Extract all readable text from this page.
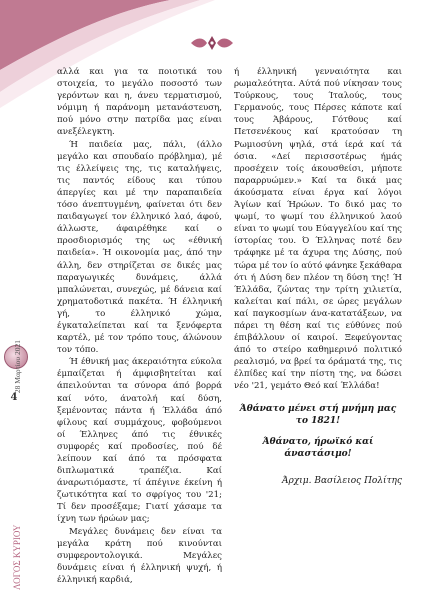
4
ΛΟΓΟΣ ΚΥΡΙΟΥ
28 Μαρτίου 2021

αλλά και για τα ποιοτικά του στοιχεία, το μεγάλο ποσοστό των γερόντων και η, άνευ τερματισμού, νόμιμη ή παράνομη μετανάστευση, πού μόνο στην πατρίδα μας είναι ανεξέλεγκτη.

Ή παιδεία μας, πάλι, (άλλο μεγάλο και σπουδαίο πρόβλημα), μέ τις έλλείψεις της, τις καταλήψεις, τις παντός είδους και τύπου άπεργίες και μέ την παραπαιδεία τόσο άνεπτυγμένη, φαίνεται ότι δεν παιδαγωγεί τον έλληνικό λαό, άφού, άλλωστε, άφαιρέθηκε καί ο προσδιορισμός της ως «έθνική παιδεία». Ή οικονομία μας, άπό την άλλη, δεν στηρίζεται σε δικές μας παραγωγικές δυνάμεις, άλλά μπαλώνεται, συνεχώς, μέ δάνεια καί χρηματοδοτικά πακέτα. Ή έλληνική γή, το έλληνικό χώμα, έγκαταλείπεται καί τα ξενόφερτα καρτέλ, μέ τον τρόπο τους, άλώνουν τον τόπο.

Ή έθνική μας άκεραιότητα εύκολα έμπαίζεται ή άμφισβητείται καί άπειλούνται τα σύνορα άπό βορρά καί νότο, άνατολή καί δύση, ξεμένοντας πάντα ή Έλλάδα άπό φίλους καί συμμάχους, φοβούμενοι οί Έλληνες άπό τις έθνικές συμφορές καί προδοσίες, πού δέ λείπουν καί άπό τα πρόσφατα διπλωματικά τραπέζια. Καί άναρωτιόμαστε, τί άπέγινε έκείνη ή ζωτικότητα καί το σφρίγος του '21; Τί δεν προσέξαμε; Γιατί χάσαμε τα ίχνη των ήρώων μας;

Μεγάλες δυνάμεις δεν είναι τα μεγάλα κράτη πού κινούνται συμφεροντολογικά. Μεγάλες δυνάμεις είναι ή έλληνική ψυχή, ή έλληνική καρδιά,

ή έλληνική γενναιότητα και ρωμαλεότητα. Αύτά πού νίκησαν τους Τούρκους, τους Ίταλούς, τους Γερμανούς, τους Πέρσες κάποτε καί τους Άβάρους, Γότθους καί Πετσενέκους καί κρατούσαν τη Ρωμιοσύνη ψηλά, στά ίερά καί τά όσια. «Δεί περισσοτέρως ήμάς προσέχειν τοίς άκουσθείσι, μήποτε παραρρυώμεν.» Καί τα δικά μας άκούσματα είναι έργα καί λόγοι Άγίων καί Ήρώων. Το δικό μας το ψωμί, το ψωμί του έλληνικού λαού είναι το ψωμί του Εύαγγελίου καί της ίστορίας του. Ό Έλληνας ποτέ δεν τράφηκε μέ τα άχυρα της Δύσης, πού τώρα μέ τον ίο αύτό φάνηκε ξεκάθαρα ότι ή Δύση δεν πλέον τη δύση της! Ή Έλλάδα, ζώντας την τρίτη χιλιετία, καλείται καί πάλι, σε ώρες μεγάλων καί παγκοσμίων άνα-κατατάξεων, να πάρει τη θέση καί τις εύθύνες πού έπιβάλλουν οί καιροί. Ξεφεύγοντας άπό το στείρο καθημερινό πολιτικό ρεαλισμό, να βρεί τα όράματά της, τις έλπίδες καί την πίστη της, να δώσει νέο '21, γεμάτο Θεό καί Έλλάδα!

Άθάνατο μένει στή μνήμη μας το 1821!
Άθάνατο, ήρωϊκό καί άναστάσιμο!
Άρχιμ. Βασίλειος Πολίτης
